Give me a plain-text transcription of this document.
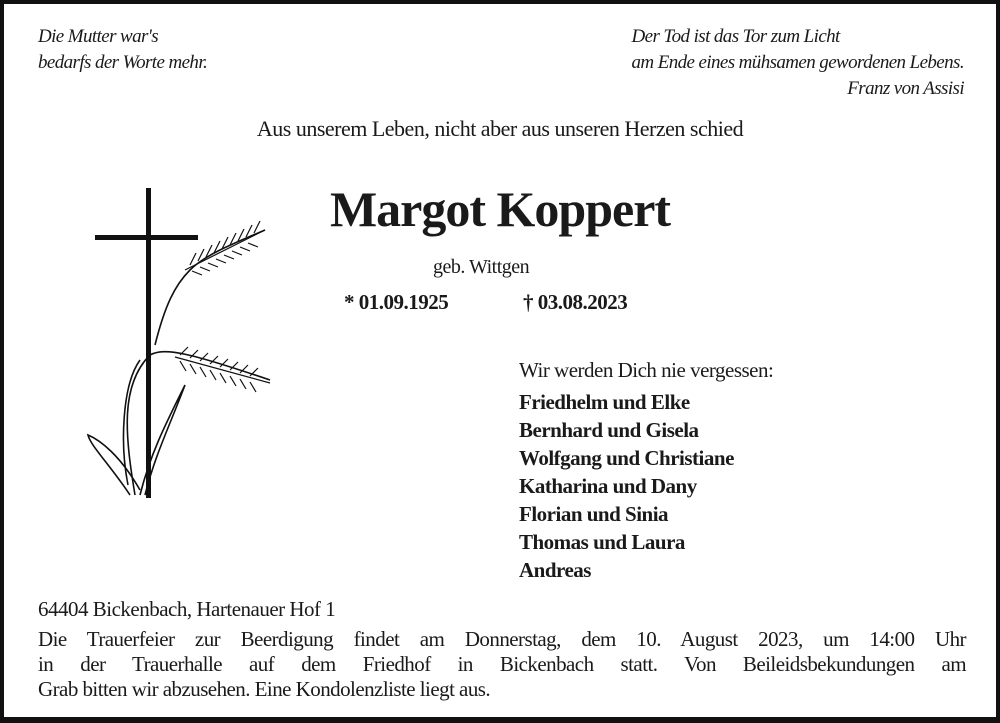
Die Mutter war's
bedarfs der Worte mehr.
Der Tod ist das Tor zum Licht
am Ende eines mühsamen gewordenen Lebens.
Franz von Assisi
Aus unserem Leben, nicht aber aus unseren Herzen schied
Margot Koppert
geb. Wittgen
* 01.09.1925	† 03.08.2023
Wir werden Dich nie vergessen:
Friedhelm und Elke
Bernhard und Gisela
Wolfgang und Christiane
Katharina und Dany
Florian und Sinia
Thomas und Laura
Andreas
64404 Bickenbach, Hartenauer Hof 1
Die Trauerfeier zur Beerdigung findet am Donnerstag, dem 10. August 2023, um 14:00 Uhr
in der Trauerhalle auf dem Friedhof in Bickenbach statt. Von Beileidsbekundungen am
Grab bitten wir abzusehen. Eine Kondolenzliste liegt aus.
